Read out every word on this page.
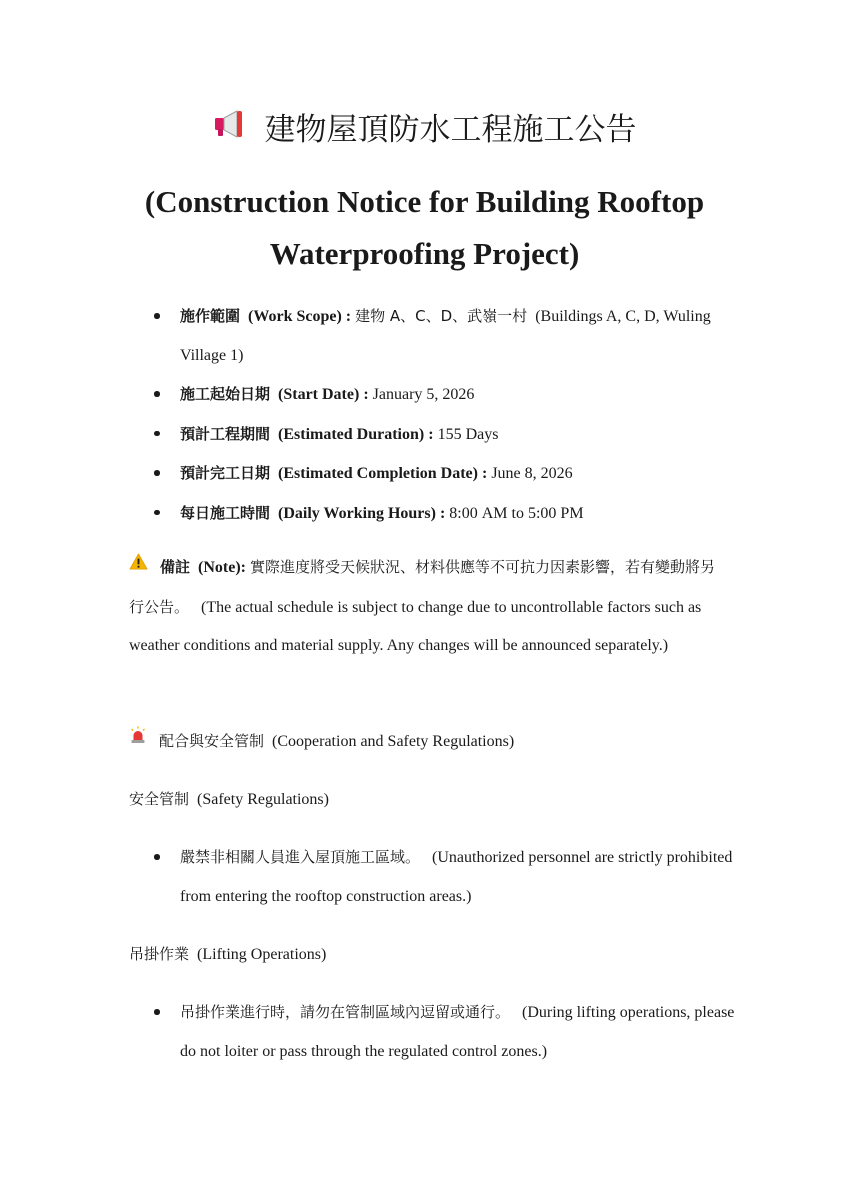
建物屋頂防水工程施工公告
(Construction Notice for Building Rooftop Waterproofing Project)
施作範圍 (Work Scope) : 建物 A、C、D、武嶺一村 (Buildings A, C, D, Wuling Village 1)
施工起始日期 (Start Date) : January 5, 2026
預計工程期間 (Estimated Duration) : 155 Days
預計完工日期 (Estimated Completion Date) : June 8, 2026
每日施工時間 (Daily Working Hours) : 8:00 AM to 5:00 PM
備註 (Note): 實際進度將受天候狀況、材料供應等不可抗力因素影響，若有變動將另行公告。 (The actual schedule is subject to change due to uncontrollable factors such as weather conditions and material supply. Any changes will be announced separately.)
配合與安全管制 (Cooperation and Safety Regulations)
安全管制 (Safety Regulations)
嚴禁非相關人員進入屋頂施工區域。 (Unauthorized personnel are strictly prohibited from entering the rooftop construction areas.)
吊掛作業 (Lifting Operations)
吊掛作業進行時，請勿在管制區域內逗留或通行。 (During lifting operations, please do not loiter or pass through the regulated control zones.)
